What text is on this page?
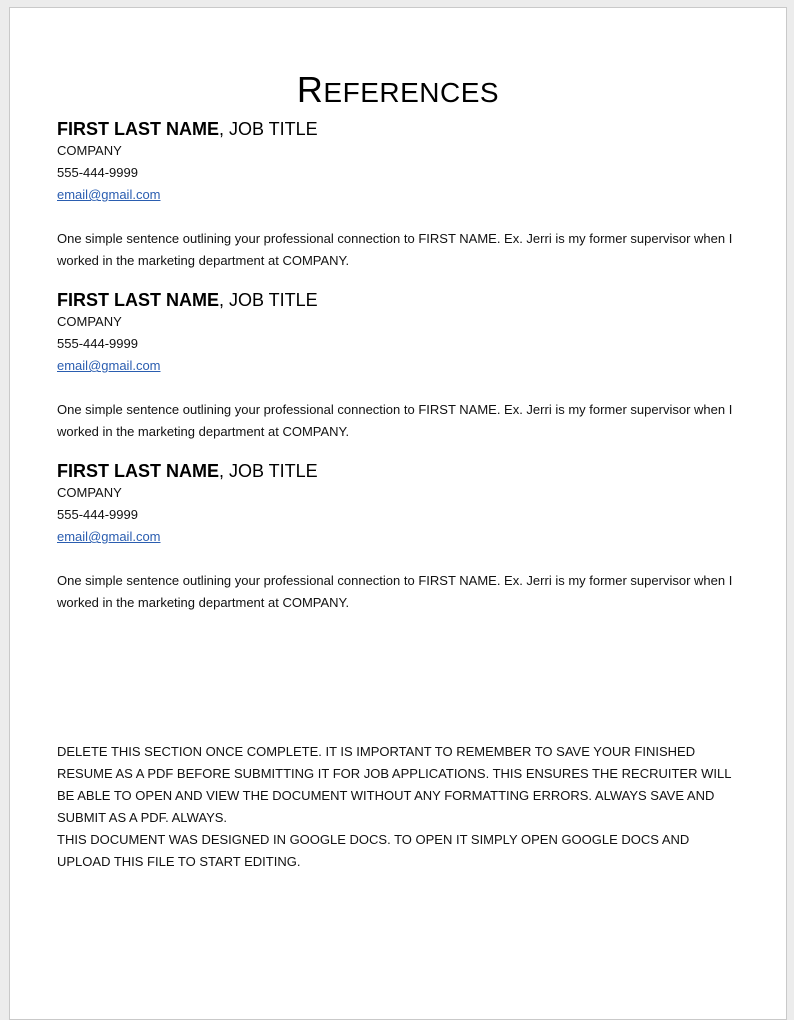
REFERENCES
FIRST LAST NAME, JOB TITLE
COMPANY
555-444-9999
email@gmail.com
One simple sentence outlining your professional connection to FIRST NAME. Ex. Jerri is my former supervisor when I worked in the marketing department at COMPANY.
FIRST LAST NAME, JOB TITLE
COMPANY
555-444-9999
email@gmail.com
One simple sentence outlining your professional connection to FIRST NAME. Ex. Jerri is my former supervisor when I worked in the marketing department at COMPANY.
FIRST LAST NAME, JOB TITLE
COMPANY
555-444-9999
email@gmail.com
One simple sentence outlining your professional connection to FIRST NAME. Ex. Jerri is my former supervisor when I worked in the marketing department at COMPANY.
DELETE THIS SECTION ONCE COMPLETE. IT IS IMPORTANT TO REMEMBER TO SAVE YOUR FINISHED RESUME AS A PDF BEFORE SUBMITTING IT FOR JOB APPLICATIONS. THIS ENSURES THE RECRUITER WILL BE ABLE TO OPEN AND VIEW THE DOCUMENT WITHOUT ANY FORMATTING ERRORS. ALWAYS SAVE AND SUBMIT AS A PDF. ALWAYS.
THIS DOCUMENT WAS DESIGNED IN GOOGLE DOCS. TO OPEN IT SIMPLY OPEN GOOGLE DOCS AND UPLOAD THIS FILE TO START EDITING.
